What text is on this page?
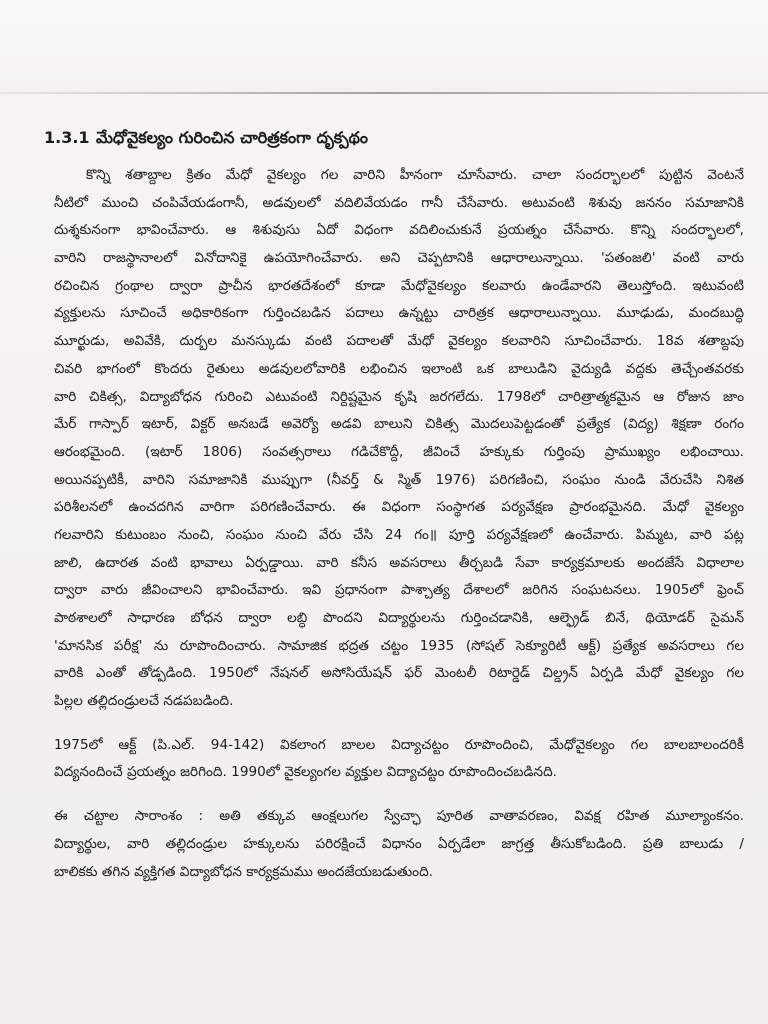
1.3.1 మేధోవైకల్యం గురించిన చారిత్రకంగా దృక్పథం
కొన్ని శతాబ్దాల క్రితం మేధో వైకల్యం గల వారిని హీనంగా చూసేవారు. చాలా సందర్భాలలో పుట్టిన వెంటనే
నీటిలో ముంచి చంపివేయడంగానీ, అడవులలో వదిలివేయడం గానీ చేసేవారు. అటువంటి శిశువు జననం సమాజానికి
దుశ్శకునంగా భావించేవారు. ఆ శిశువుసు ఏదో విధంగా వదిలించుకునే ప్రయత్నం చేసేవారు. కొన్ని సందర్భాలలో,
వారిని రాజస్థానాలలో వినోదానికై ఉపయోగించేవారు. అని చెప్పటానికి ఆధారాలున్నాయి. 'పతంజలి' వంటి వారు
రచించిన గ్రంథాల ద్వారా ప్రాచీన భారతదేశంలో కూడా మేధోవైకల్యం కలవారు ఉండేవారని తెలుస్తోంది. ఇటువంటి
వ్యక్తులను సూచించే అధికారికంగా గుర్తించబడిన పదాలు ఉన్నట్టు చారిత్రక ఆధారాలున్నాయి. మూఢుడు, మందబుద్ధి
మూర్ఖుడు, అవివేకి, దుర్బల మనస్కుడు వంటి పదాలతో మేధో వైకల్యం కలవారిని సూచించేవారు. 18వ శతాబ్దపు
చివరి భాగంలో కొందరు రైతులు అడవులలోవారికి లభించిన ఇలాంటి ఒక బాలుడిని వైద్యుడి వద్దకు తెచ్చేంతవరకు
వారి చికిత్స, విద్యాబోధన గురించి ఎటువంటి నిర్దిష్టమైన కృషి జరగలేదు. 1798లో చారిత్రాత్మకమైన ఆ రోజున జాం
మేర్ గాస్పార్ ఇటార్, విక్టర్ అనబడే అవెర్యో అడవి బాలుని చికిత్స మొదలుపెట్టడంతో ప్రత్యేక (విద్య) శిక్షణా రంగం
ఆరంభమైంది. (ఇటార్ 1806) సంవత్సరాలు గడిచేకొద్దీ, జీవించే హక్కుకు గుర్తింపు ప్రాముఖ్యం లభించాయి.
అయినప్పటికీ, వారిని సమాజానికి ముప్పుగా (నీవర్త్ & స్మిత్ 1976) పరిగణించి, సంఘం నుండి వేరుచేసి నిశిత
పరిశీలనలో ఉంచదగిన వారిగా పరిగణించేవారు. ఈ విధంగా సంస్థాగత పర్యవేక్షణ ప్రారంభమైనది. మేధో వైకల్యం
గలవారిని కుటుంబం నుంచి, సంఘం నుంచి వేరు చేసి 24 గం॥ పూర్తి పర్యవేక్షణలో ఉంచేవారు. పిమ్మట, వారి పట్ల
జాలి, ఉదారత వంటి భావాలు ఏర్పడ్డాయి. వారి కనీస అవసరాలు తీర్చబడి సేవా కార్యక్రమాలకు అందజేసే విధాలాల
ద్వారా వారు జీవించాలని భావించేవారు. ఇవి ప్రధానంగా పాశ్చాత్య దేశాలలో జరిగిన సంఘటనలు. 1905లో ఫ్రెంచ్
పాఠశాలలో సాధారణ బోధన ద్వారా లబ్ధి పొందని విద్యార్థులను గుర్తించడానికి, ఆల్ఫ్రెడ్ బినే, థియోడర్ సైమన్
'మానసిక పరీక్ష' ను రూపొందించారు. సామాజిక భద్రత చట్టం 1935 (సోషల్ సెక్యూరిటీ ఆక్ట్) ప్రత్యేక అవసరాలు గల
వారికి ఎంతో తోడ్పడింది. 1950లో నేషనల్ అసోసియేషన్ ఫర్ మెంటలీ రిటార్డెడ్ చిల్డ్రన్ ఏర్పడి మేధో వైకల్యం గల
పిల్లల తల్లిదండ్రులచే నడపబడింది.
1975లో ఆక్ట్ (పి.ఎల్. 94-142) వికలాంగ బాలల విద్యాచట్టం రూపొందించి, మేధోవైకల్యం గల బాలబాలందరికీ
విద్యనందించే ప్రయత్నం జరిగింది. 1990లో వైకల్యంగల వ్యక్తుల విద్యాచట్టం రూపొందించబడినది.
ఈ చట్టాల సారాంశం : అతి తక్కువ ఆంక్షలుగల స్వేచ్ఛా పూరిత వాతావరణం, వివక్ష రహిత మూల్యాంకనం.
విద్యార్థుల, వారి తల్లిదండ్రుల హక్కులను పరిరక్షించే విధానం ఏర్పడేలా జాగ్రత్త తీసుకోబడింది. ప్రతి బాలుడు /
బాలికకు తగిన వ్యక్తిగత విద్యాబోధన కార్యక్రమము అందజేయబడుతుంది.
